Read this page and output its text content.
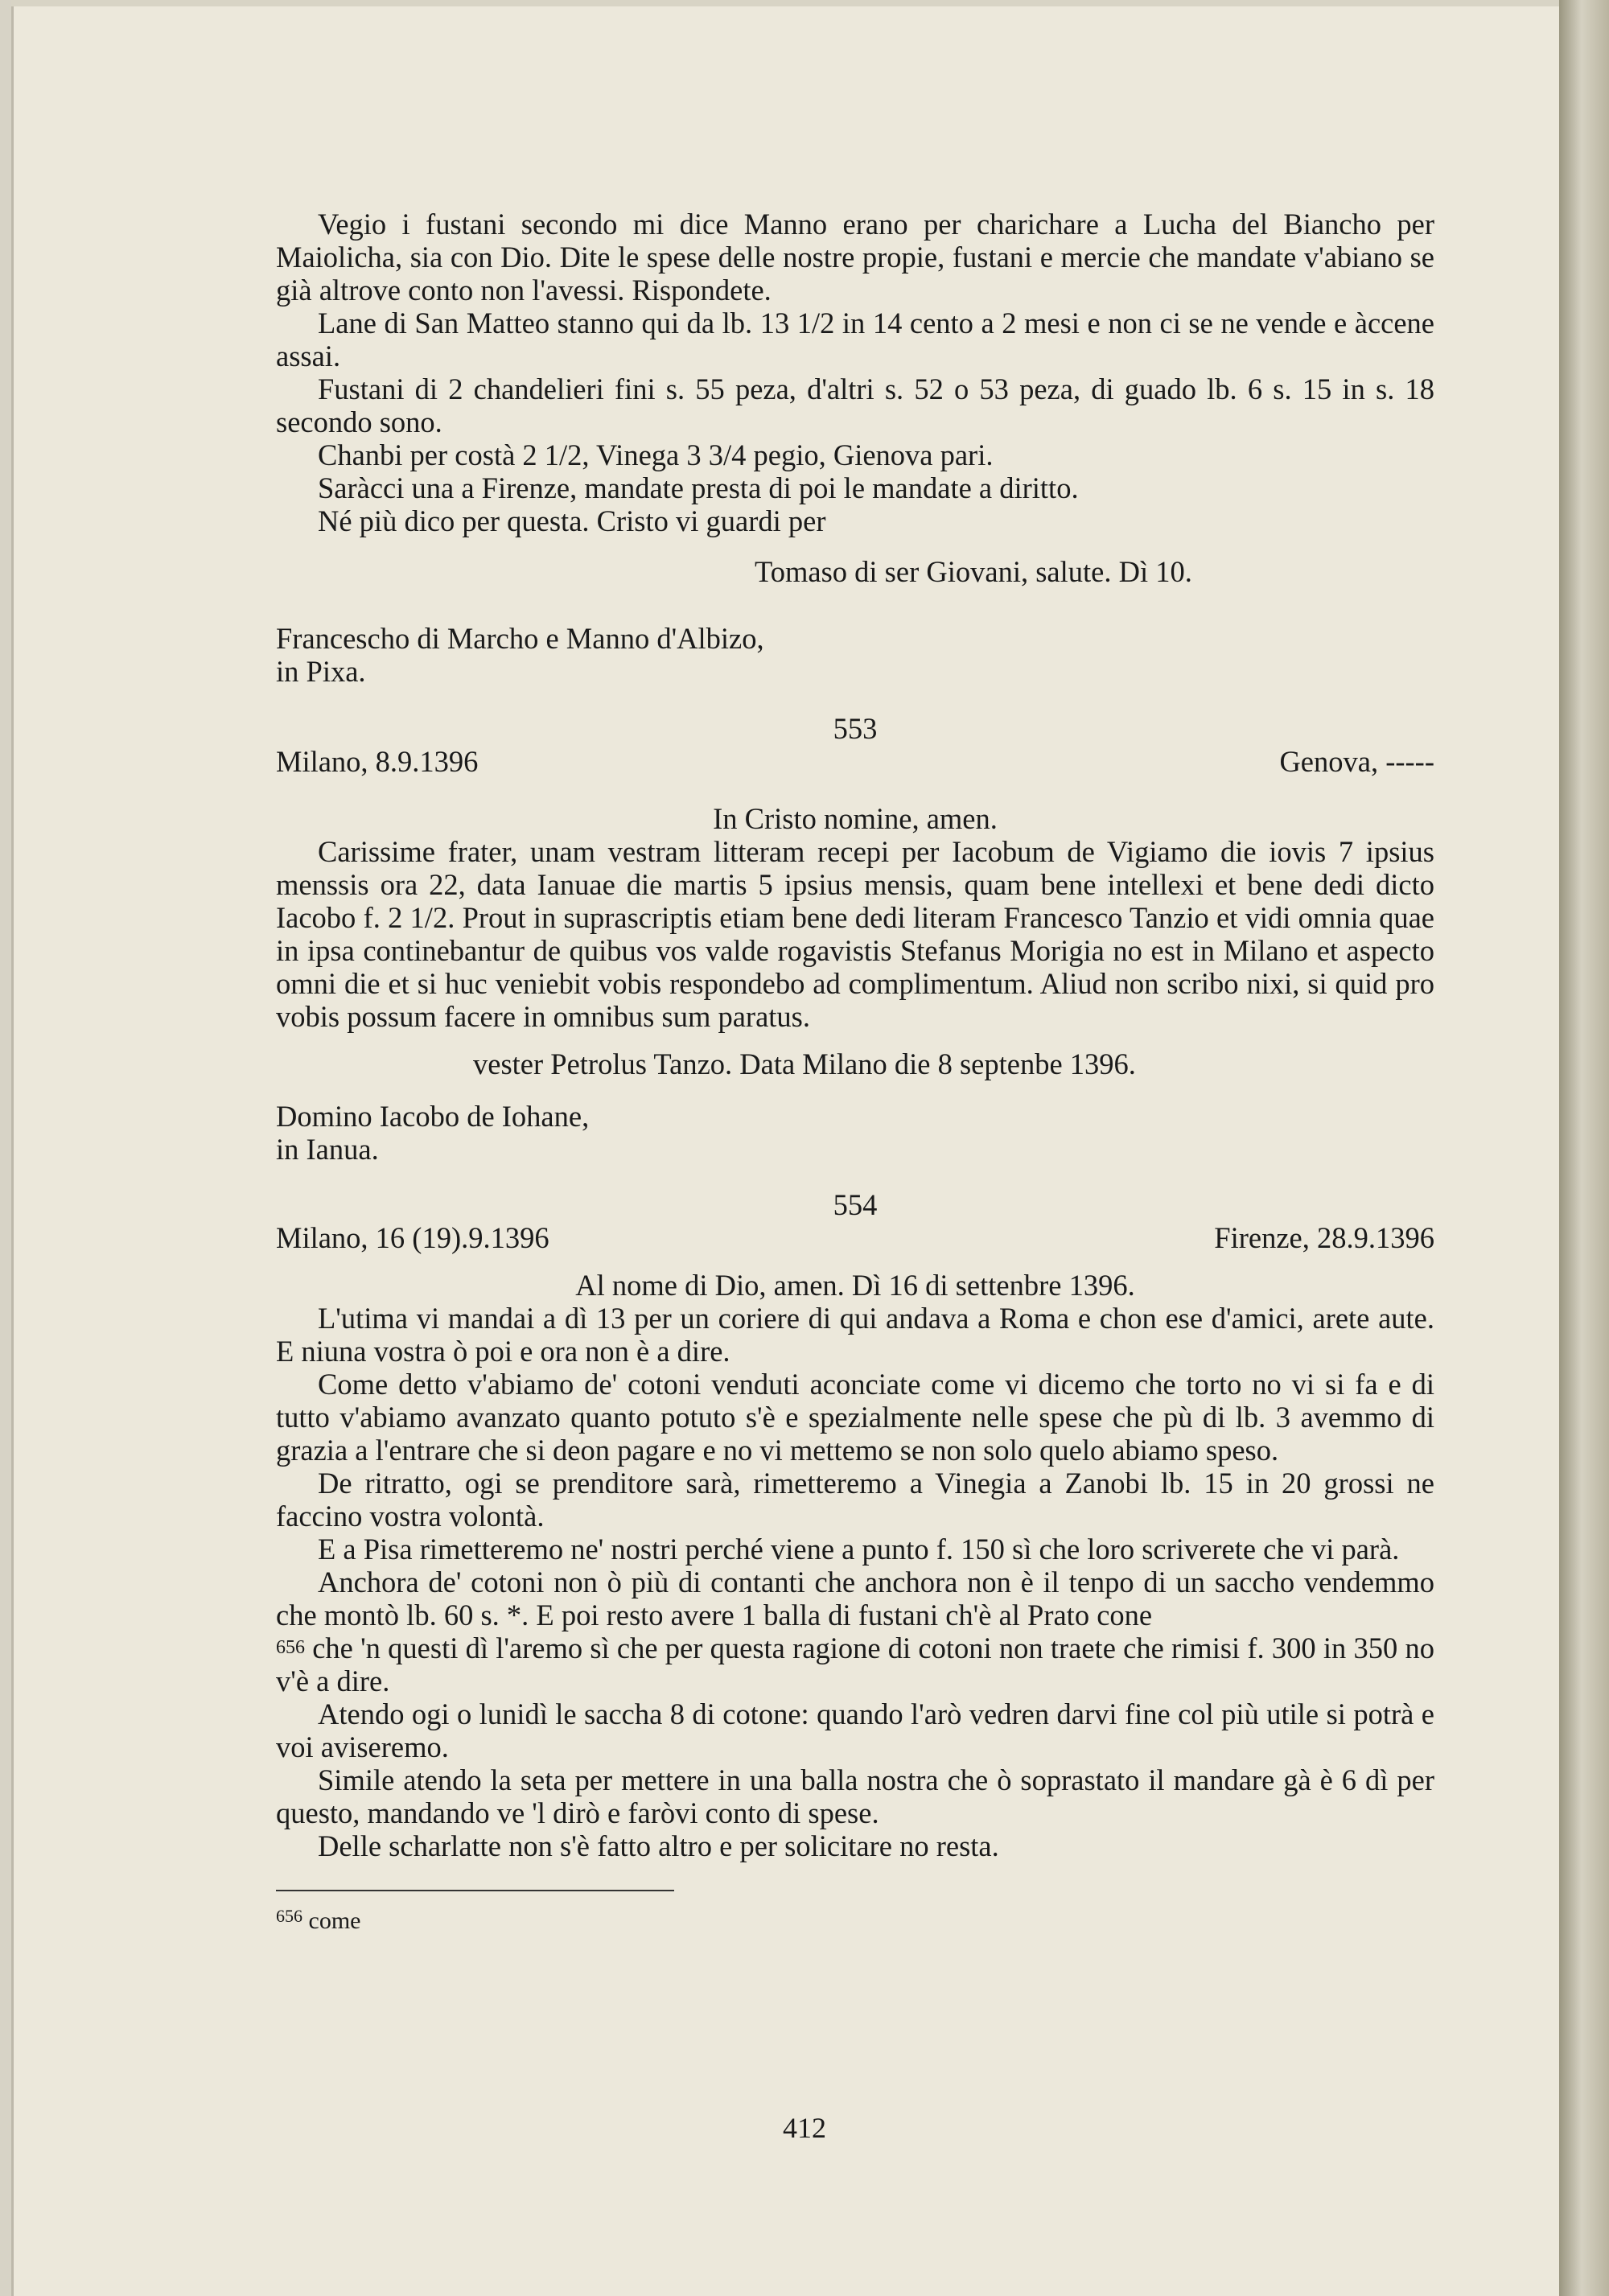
Vegio i fustani secondo mi dice Manno erano per charichare a Lucha del Biancho per Maiolicha, sia con Dio. Dite le spese delle nostre propie, fustani e mercie che mandate v'abiano se già altrove conto non l'avessi. Rispondete.

Lane di San Matteo stanno qui da lb. 13 1/2 in 14 cento a 2 mesi e non ci se ne vende e àccene assai.

Fustani di 2 chandelieri fini s. 55 peza, d'altri s. 52 o 53 peza, di guado lb. 6 s. 15 in s. 18 secondo sono.

Chanbi per costà 2 1/2, Vinega 3 3/4 pegio, Gienova pari.

Saràcci una a Firenze, mandate presta di poi le mandate a diritto.

Né più dico per questa. Cristo vi guardi per

Tomaso di ser Giovani, salute. Dì 10.

Francescho di Marcho e Manno d'Albizo,

in Pixa.

553
Milano, 8.9.1396	Genova, -----
In Cristo nomine, amen.

Carissime frater, unam vestram litteram recepi per Iacobum de Vigiamo die iovis 7 ipsius menssis ora 22, data Ianuae die martis 5 ipsius mensis, quam bene intellexi et bene dedi dicto Iacobo f. 2 1/2. Prout in suprascriptis etiam bene dedi literam Francesco Tanzio et vidi omnia quae in ipsa continebantur de quibus vos valde rogavistis Stefanus Morigia no est in Milano et aspecto omni die et si huc veniebit vobis respondebo ad complimentum. Aliud non scribo nixi, si quid pro vobis possum facere in omnibus sum paratus.

vester Petrolus Tanzo. Data Milano die 8 septenbe 1396.

Domino Iacobo de Iohane,

in Ianua.

554
Milano, 16 (19).9.1396	Firenze, 28.9.1396
Al nome di Dio, amen. Dì 16 di settenbre 1396.

L'utima vi mandai a dì 13 per un coriere di qui andava a Roma e chon ese d'amici, arete aute. E niuna vostra ò poi e ora non è a dire.

Come detto v'abiamo de' cotoni venduti aconciate come vi dicemo che torto no vi si fa e di tutto v'abiamo avanzato quanto potuto s'è e spezialmente nelle spese che pù di lb. 3 avemmo di grazia a l'entrare che si deon pagare e no vi mettemo se non solo quelo abiamo speso.

De ritratto, ogi se prenditore sarà, rimetteremo a Vinegia a Zanobi lb. 15 in 20 grossi ne faccino vostra volontà.

E a Pisa rimetteremo ne' nostri perché viene a punto f. 150 sì che loro scriverete che vi parà.

Anchora de' cotoni non ò più di contanti che anchora non è il tenpo di un saccho vendemmo che montò lb. 60 s. *. E poi resto avere 1 balla di fustani ch'è al Prato cone
$^{656}$ che 'n questi dì l'aremo sì che per questa ragione di cotoni non traete che rimisi f. 300 in 350 no v'è a dire.

Atendo ogi o lunidì le saccha 8 di cotone: quando l'arò vedren darvi fine col più utile si potrà e voi aviseremo.

Simile atendo la seta per mettere in una balla nostra che ò soprastato il mandare gà è 6 dì per questo, mandando ve 'l dirò e faròvi conto di spese.

Delle scharlatte non s'è fatto altro e per solicitare no resta.

$^{656}$ come
412
